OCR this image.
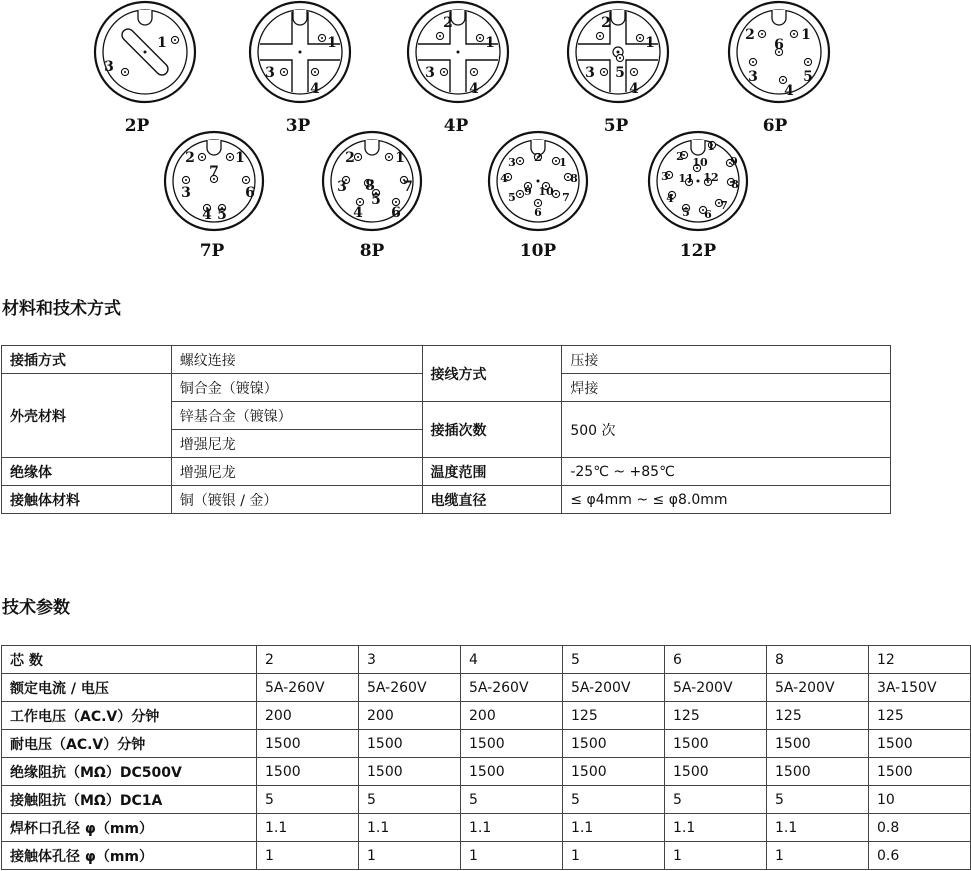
1
3
2P
1
3
4
3P
1
2
3
4
4P
1
2
3
4
5
5P
1
2
3
4
5
6
6P
1
2
3
4 5
6
7
7P
1
2
3
4
5
6
7
8
8P
1
2
3
4
5
6
7
8
9 10
10P
1
2
3
4
5 6
7
8
9
10
11 12
12P
材料和技术方式
接插方式	螺纹连接	接线方式	压接
外壳材料	铜合金（镀镍）		焊接
	锌基合金（镀镍）	接插次数	500 次
	增强尼龙		
绝缘体	增强尼龙	温度范围	-25℃ ~ +85℃
接触体材料	铜（镀银 / 金）	电缆直径	≤ φ4mm ~ ≤ φ8.0mm
技术参数
芯 数	2	3	4	5	6	8	12
额定电流 / 电压	5A-260V	5A-260V	5A-260V	5A-200V	5A-200V	5A-200V	3A-150V
工作电压（AC.V）分钟	200	200	200	125	125	125	125
耐电压（AC.V）分钟	1500	1500	1500	1500	1500	1500	1500
绝缘阻抗（MΩ）DC500V	1500	1500	1500	1500	1500	1500	1500
接触阻抗（MΩ）DC1A	5	5	5	5	5	5	10
焊杯口孔径 φ（mm）	1.1	1.1	1.1	1.1	1.1	1.1	0.8
接触体孔径 φ（mm）	1	1	1	1	1	1	0.6
